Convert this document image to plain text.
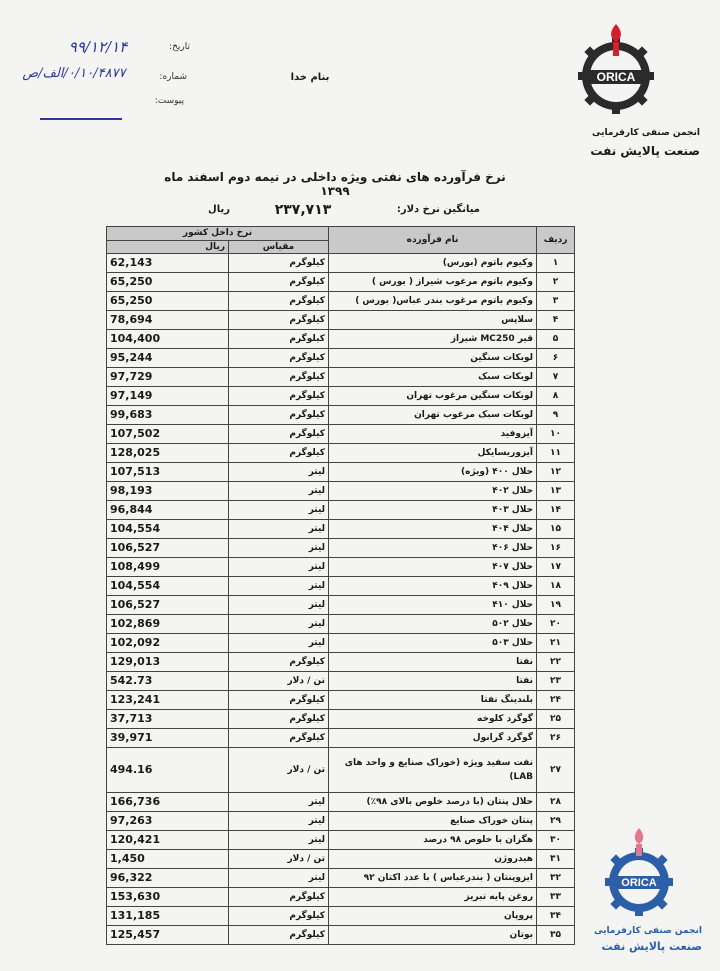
ORICA
انجمن صنفی کارفرمایی
صنعت پالایش نفت
بنام خدا
تاریخ:
۹۹/۱۲/۱۴
شماره:
۰/۱۰/۴۸۷۷/الف/ص
پیوست:
نرخ فرآورده های نفتی ویژه داخلی در نیمه دوم اسفند ماه ۱۳۹۹
میانگین نرخ دلار:
۲۳۷,۷۱۳
ریال
نرخ داخل کشور		نام فرآورده	ردیف
ریال	مقیاس		
62,143	کیلوگرم	وکیوم باتوم (بورس)	۱
65,250	کیلوگرم	وکیوم باتوم مرغوب شیراز ( بورس )	۲
65,250	کیلوگرم	وکیوم باتوم مرغوب بندر عباس( بورس )	۳
78,694	کیلوگرم	سلاپس	۴
104,400	کیلوگرم	قیر MC250 شیراز	۵
95,244	کیلوگرم	لوبکات سنگین	۶
97,729	کیلوگرم	لوبکات سبک	۷
97,149	کیلوگرم	لوبکات سنگین مرغوب تهران	۸
99,683	کیلوگرم	لوبکات سبک مرغوب تهران	۹
107,502	کیلوگرم	آیزوفید	۱۰
128,025	کیلوگرم	آیزوریسایکل	۱۱
107,513	لیتر	حلال ۴۰۰ (ویژه)	۱۲
98,193	لیتر	حلال ۴۰۲	۱۳
96,844	لیتر	حلال ۴۰۳	۱۴
104,554	لیتر	حلال ۴۰۴	۱۵
106,527	لیتر	حلال ۴۰۶	۱۶
108,499	لیتر	حلال ۴۰۷	۱۷
104,554	لیتر	حلال ۴۰۹	۱۸
106,527	لیتر	حلال ۴۱۰	۱۹
102,869	لیتر	حلال ۵۰۲	۲۰
102,092	لیتر	حلال ۵۰۳	۲۱
129,013	کیلوگرم	نفتا	۲۲
542.73	تن / دلار	نفتا	۲۳
123,241	کیلوگرم	بلندینگ نفتا	۲۴
37,713	کیلوگرم	گوگرد کلوخه	۲۵
39,971	کیلوگرم	گوگرد گرانول	۲۶
494.16	تن / دلار	نفت سفید ویژه (خوراک صنایع و واحد های LAB)	۲۷
166,736	لیتر	حلال پنتان (با درصد خلوص بالای ۹۸٪)	۲۸
97,263	لیتر	پنتان خوراک صنایع	۲۹
120,421	لیتر	هگزان با خلوص ۹۸ درصد	۳۰
1,450	تن / دلار	هیدروژن	۳۱
96,322	لیتر	ایزوپنتان ( بندرعباس ) با عدد اکتان ۹۲	۳۲
153,630	کیلوگرم	روغن پایه تبریز	۳۳
131,185	کیلوگرم	پروپان	۳۴
125,457	کیلوگرم	بوتان	۳۵
ORICA
انجمن صنفی کارفرمایی
صنعت پالایش نفت
